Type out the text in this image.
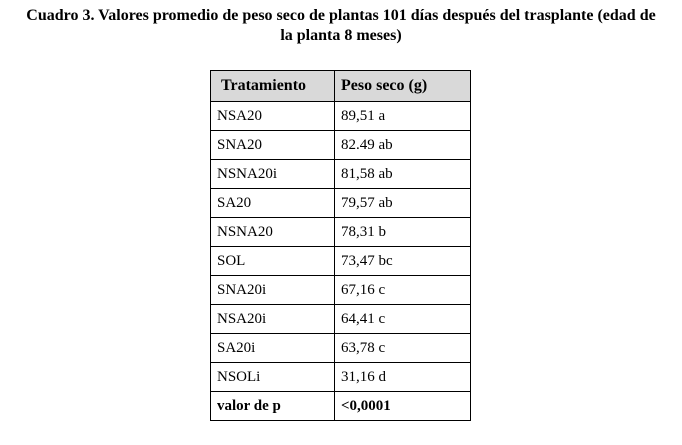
Cuadro 3. Valores promedio de peso seco de plantas 101 días después del trasplante (edad de
la planta 8 meses)
Tratamiento	Peso seco (g)
NSA20	89,51 a
SNA20	82.49 ab
NSNA20i	81,58 ab
SA20	79,57 ab
NSNA20	78,31 b
SOL	73,47 bc
SNA20i	67,16 c
NSA20i	64,41 c
SA20i	63,78 c
NSOLi	31,16 d
valor de p	<0,0001
